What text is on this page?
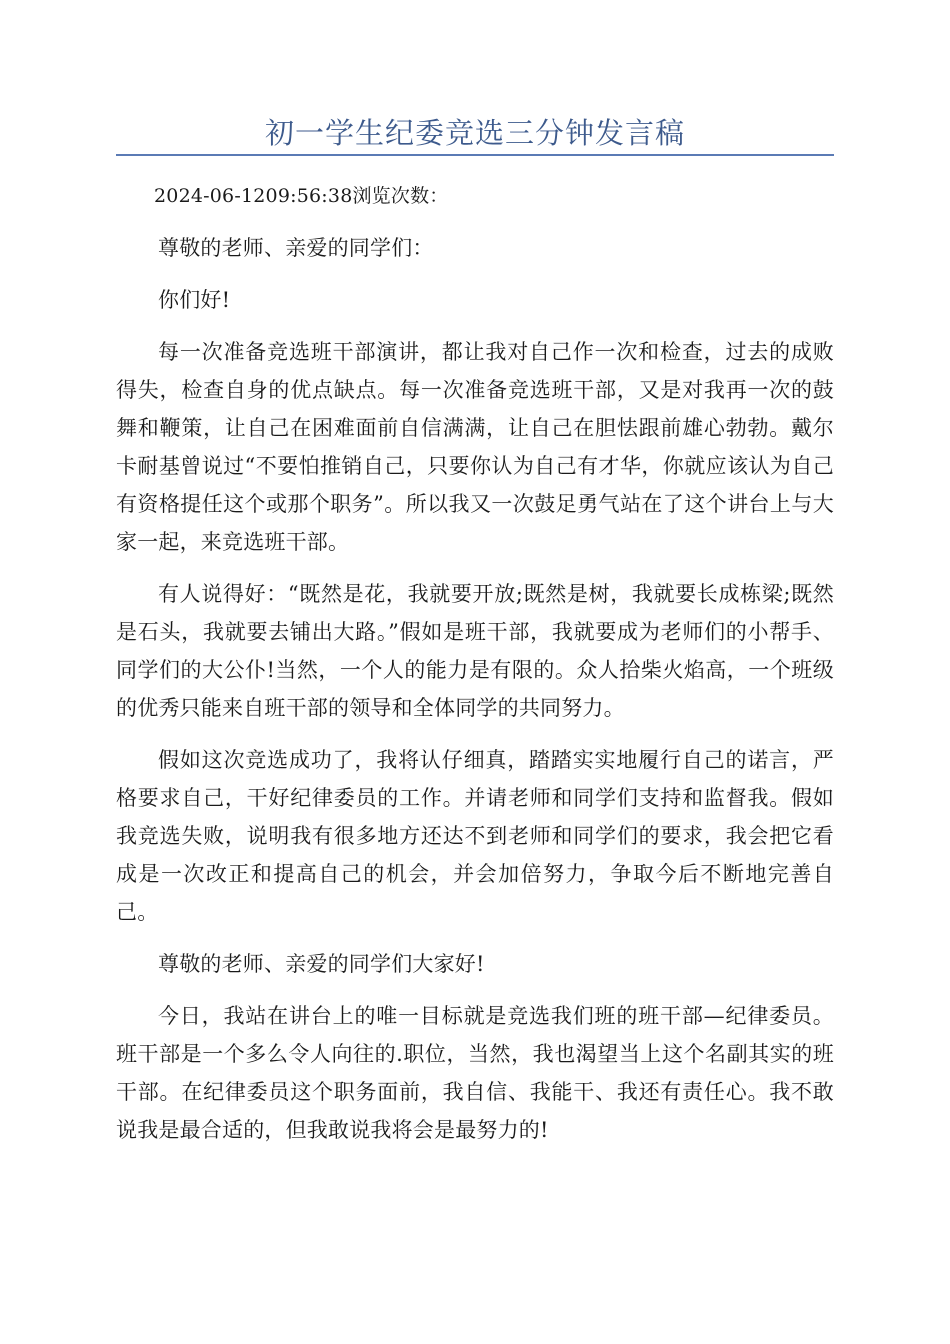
初一学生纪委竞选三分钟发言稿

2024-06-1209:56:38浏览次数：

尊敬的老师、亲爱的同学们：

你们好!

每一次准备竞选班干部演讲，都让我对自己作一次和检查，过去的成败得失，检查自身的优点缺点。每一次准备竞选班干部，又是对我再一次的鼓舞和鞭策，让自己在困难面前自信满满，让自己在胆怯跟前雄心勃勃。戴尔卡耐基曾说过“不要怕推销自己，只要你认为自己有才华，你就应该认为自己有资格提任这个或那个职务”。所以我又一次鼓足勇气站在了这个讲台上与大家一起，来竞选班干部。

有人说得好：“既然是花，我就要开放;既然是树，我就要长成栋梁;既然是石头，我就要去铺出大路。”假如是班干部，我就要成为老师们的小帮手、同学们的大公仆!当然，一个人的能力是有限的。众人拾柴火焰高，一个班级的优秀只能来自班干部的领导和全体同学的共同努力。

假如这次竞选成功了，我将认仔细真，踏踏实实地履行自己的诺言，严格要求自己，干好纪律委员的工作。并请老师和同学们支持和监督我。假如我竞选失败，说明我有很多地方还达不到老师和同学们的要求，我会把它看成是一次改正和提高自己的机会，并会加倍努力，争取今后不断地完善自己。

尊敬的老师、亲爱的同学们大家好!

今日，我站在讲台上的唯一目标就是竞选我们班的班干部—纪律委员。班干部是一个多么令人向往的.职位，当然，我也渴望当上这个名副其实的班干部。在纪律委员这个职务面前，我自信、我能干、我还有责任心。我不敢说我是最合适的，但我敢说我将会是最努力的!
